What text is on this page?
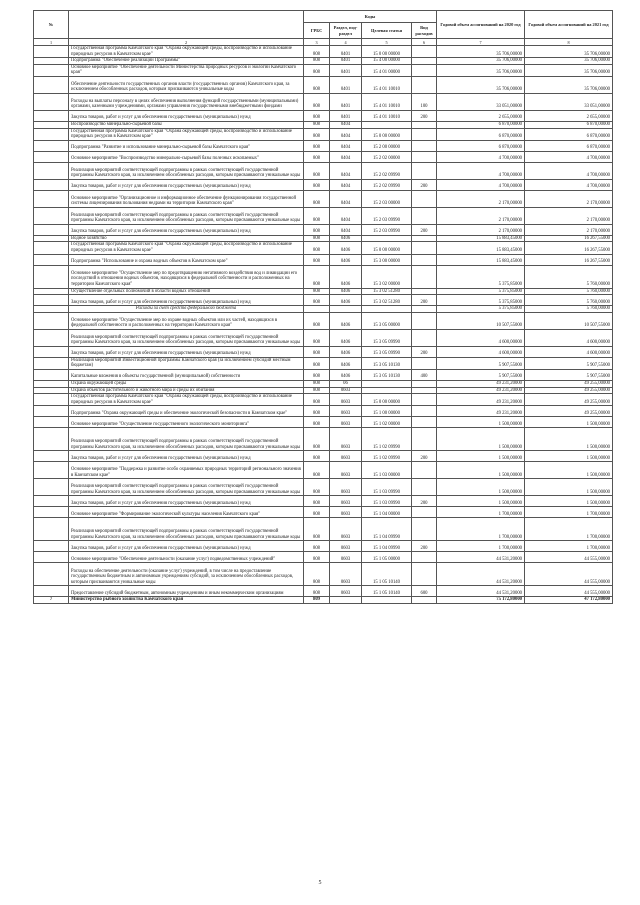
№		Коды				Годовой объем ассигнований на 2020 год	Годовой объем ассигнований на 2021 год
		ГРБС	Раздел, под-раздел	Целевая статья	Вид расходов		
1	2	3	4	5	6	7	8
	Государственная программа Камчатского края "Охрана окружающей среды, воспроизводство и использование природных ресурсов в Камчатском крае"	808	0401	15 0 00 00000		35 706,00000	35 706,00000
	Подпрограмма "Обеспечение реализации Программы"	808	0401	15 4 00 00000		35 706,00000	35 706,00000
	Основное мероприятие "Обеспечение деятельности Министерства природных ресурсов и экологии Камчатского края"	808	0401	15 4 01 00000		35 706,00000	35 706,00000
	Обеспечение деятельности государственных органов власти (государственных органов) Камчатского края, за исключением обособленных расходов, которым присваиваются уникальные коды	808	0401	15 4 01 10010		35 706,00000	35 706,00000
	Расходы на выплаты персоналу в целях обеспечения выполнения функций государственными (муниципальными) органами, казенными учреждениями, органами управления государственными внебюджетными фондами	808	0401	15 4 01 10010	100	33 051,00000	33 051,00000
	Закупка товаров, работ и услуг для обеспечения государственных (муниципальных) нужд	808	0401	15 4 01 10010	200	2 655,00000	2 655,00000
	Воспроизводство минерально-сырьевой базы	808	0404			6 870,00000	6 870,00000
	Государственная программа Камчатского края "Охрана окружающей среды, воспроизводство и использование природных ресурсов в Камчатском крае"	808	0404	15 0 00 00000		6 870,00000	6 870,00000
	Подпрограмма "Развитие и использование минерально-сырьевой базы Камчатского края"	808	0404	15 2 00 00000		6 870,00000	6 870,00000
	Основное мероприятие "Воспроизводство минерально-сырьевой базы полезных ископаемых"	808	0404	15 2 02 00000		4 700,00000	4 700,00000
	Реализация мероприятий соответствующей подпрограммы в рамках соответствующей государственной программы Камчатского края, за исключением обособленных расходов, которым присваиваются уникальные коды	808	0404	15 2 02 09990		4 700,00000	4 700,00000
	Закупка товаров, работ и услуг для обеспечения государственных (муниципальных) нужд	808	0404	15 2 02 09990	200	4 700,00000	4 700,00000
	Основное мероприятие "Организационное и информационное обеспечение функционирования государственной системы лицензирования пользования недрами на территории Камчатского края"	808	0404	15 2 03 00000		2 170,00000	2 170,00000
	Реализация мероприятий соответствующей подпрограммы в рамках соответствующей государственной программы Камчатского края, за исключением обособленных расходов, которым присваиваются уникальные коды	808	0404	15 2 03 09990		2 170,00000	2 170,00000
	Закупка товаров, работ и услуг для обеспечения государственных (муниципальных) нужд	808	0404	15 2 03 09990	200	2 170,00000	2 170,00000
	Водное хозяйство	808	0406			15 883,45000	16 267,55000
	Государственная программа Камчатского края "Охрана окружающей среды, воспроизводство и использование природных ресурсов в Камчатском крае"	808	0406	15 0 00 00000		15 883,45000	16 267,55000
	Подпрограмма "Использование и охрана водных объектов в Камчатском крае"	808	0406	15 3 00 00000		15 883,45000	16 267,55000
	Основное мероприятие "Осуществление мер по предотвращению негативного воздействия вод и ликвидации его последствий в отношении водных объектов, находящихся в федеральной собственности и расположенных на территории Камчатского края"	808	0406	15 3 02 00000		5 375,85000	5 760,00000
	Осуществление отдельных полномочий в области водных отношений	808	0406	15 3 02 51280		5 375,85000	5 760,00000
	Закупка товаров, работ и услуг для обеспечения государственных (муниципальных) нужд	808	0406	15 3 02 51280	200	5 375,85000	5 760,00000
	Расходы за счет средств федерального бюджета					5 375,85000	5 760,00000
	Основное мероприятие "Осуществление мер по охране водных объектов или их частей, находящихся в федеральной собственности и расположенных на территории Камчатского края"	808	0406	15 3 05 00000		10 507,55000	10 507,55000
	Реализация мероприятий соответствующей подпрограммы в рамках соответствующей государственной программы Камчатского края, за исключением обособленных расходов, которым присваиваются уникальные коды	808	0406	15 3 05 09990		4 600,00000	4 600,00000
	Закупка товаров, работ и услуг для обеспечения государственных (муниципальных) нужд	808	0406	15 3 05 09990	200	4 600,00000	4 600,00000
	Реализация мероприятий Инвестиционной программы Камчатского края (за исключением субсидий местным бюджетам)	808	0406	15 3 05 10130		5 907,55000	5 907,55000
	Капитальные вложения в объекты государственной (муниципальной) собственности	808	0406	15 3 05 10130	400	5 907,55000	5 907,55000
	Охрана окружающей среды	808	06			49 231,20000	49 255,00000
	Охрана объектов растительного и животного мира и среды их обитания	808	0603			49 231,20000	49 255,00000
	Государственная программа Камчатского края "Охрана окружающей среды, воспроизводство и использование природных ресурсов в Камчатском крае"	808	0603	15 0 00 00000		49 231,20000	49 255,00000
	Подпрограмма "Охрана окружающей среды и обеспечение экологической безопасности в Камчатском крае"	808	0603	15 1 00 00000		49 231,20000	49 255,00000
	Основное мероприятие "Осуществление государственного экологического мониторинга"	808	0603	15 1 02 00000		1 500,00000	1 500,00000
	Реализация мероприятий соответствующей подпрограммы в рамках соответствующей государственной программы Камчатского края, за исключением обособленных расходов, которым присваиваются уникальные коды	808	0603	15 1 02 09990		1 500,00000	1 500,00000
	Закупка товаров, работ и услуг для обеспечения государственных (муниципальных) нужд	808	0603	15 1 02 09990	200	1 500,00000	1 500,00000
	Основное мероприятие "Поддержка и развитие особо охраняемых природных территорий регионального значения в Камчатском крае"	808	0603	15 1 03 00000		1 500,00000	1 500,00000
	Реализация мероприятий соответствующей подпрограммы в рамках соответствующей государственной программы Камчатского края, за исключением обособленных расходов, которым присваиваются уникальные коды	808	0603	15 1 03 09990		1 500,00000	1 500,00000
	Закупка товаров, работ и услуг для обеспечения государственных (муниципальных) нужд	808	0603	15 1 03 09990	200	1 500,00000	1 500,00000
	Основное мероприятие "Формирование экологической культуры населения Камчатского края"	808	0603	15 1 04 00000		1 700,00000	1 700,00000
	Реализация мероприятий соответствующей подпрограммы в рамках соответствующей государственной программы Камчатского края, за исключением обособленных расходов, которым присваиваются уникальные коды	808	0603	15 1 04 09990		1 700,00000	1 700,00000
	Закупка товаров, работ и услуг для обеспечения государственных (муниципальных) нужд	808	0603	15 1 04 09990	200	1 700,00000	1 700,00000
	Основное мероприятие "Обеспечение деятельности (оказание услуг) подведомственных учреждений"	808	0603	15 1 05 00000		44 531,20000	44 555,00000
	Расходы на обеспечение деятельности (оказание услуг) учреждений, в том числе на предоставление государственным бюджетным и автономным учреждениям субсидий, за исключением обособленных расходов, которым присваиваются уникальные коды	808	0603	15 1 05 10140		44 531,20000	44 555,00000
	Предоставление субсидий бюджетным, автономным учреждениям и иным некоммерческим организациям	808	0603	15 1 05 10140	600	44 531,20000	44 555,00000
7	Министерство рыбного хозяйства Камчатского края	809				75 172,80000	47 172,80000
5
